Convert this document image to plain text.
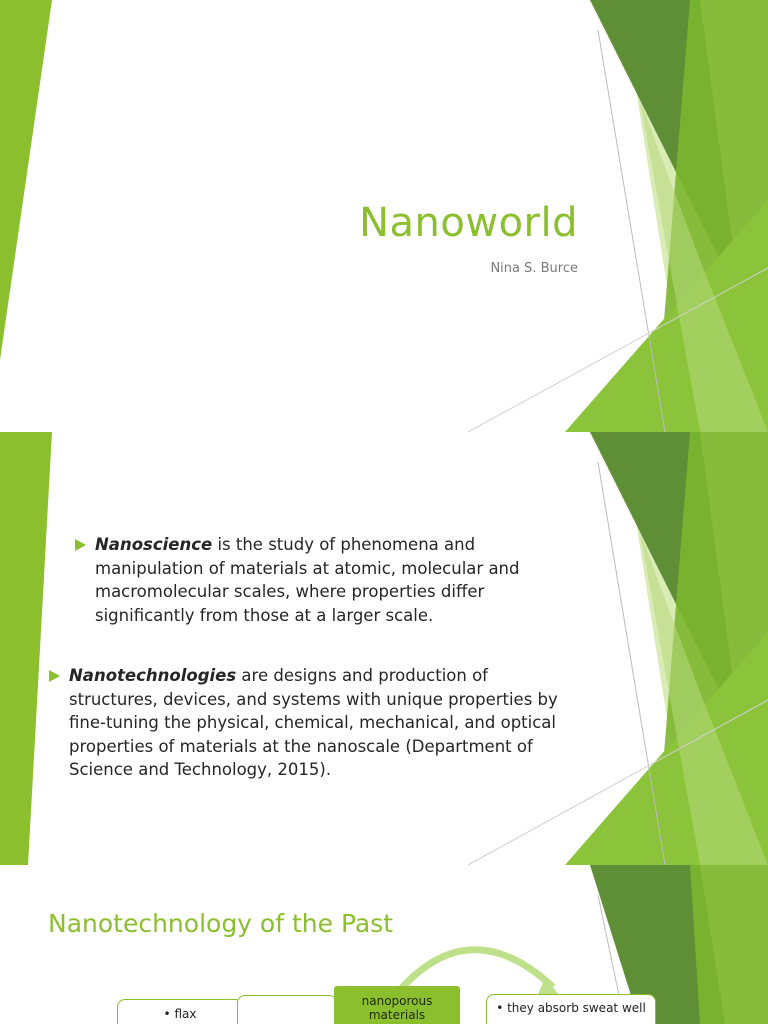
Nanoworld

Nina S. Burce

Nanoscience is the study of phenomena and manipulation of materials at atomic, molecular and macromolecular scales, where properties differ significantly from those at a larger scale.

Nanotechnologies are designs and production of structures, devices, and systems with unique properties by fine-tuning the physical, chemical, mechanical, and optical properties of materials at the nanoscale (Department of Science and Technology, 2015).

Nanotechnology of the Past
• flax
nanoporous materials	• they absorb sweat well
